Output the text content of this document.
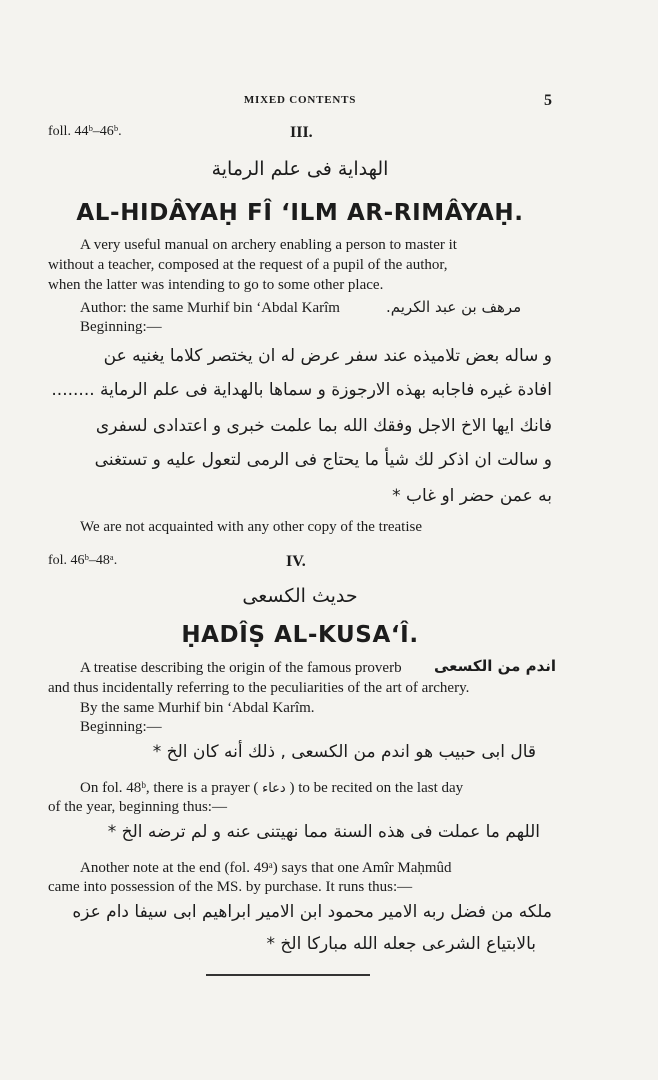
MIXED CONTENTS	5
foll. 44ᵇ–46ᵇ.	III.
الهداية فى علم الرماية
AL-HIDÂYAḤ FÎ ‘ILM AR-RIMÂYAḤ.
A very useful manual on archery enabling a person to master it
without a teacher, composed at the request of a pupil of the author,
when the latter was intending to go to some other place.
Author: the same Murhif bin ‘Abdal Karîm	مرهف بن عبد الكريم.
Beginning:—
و ساله بعض تلاميذه عند سفر عرض له ان يختصر كلاما يغنيه عن
افادة غيره فاجابه بهذه الارجوزة و سماها بالهداية فى علم الرماية ........
فانك ايها الاخ الاجل وفقك الله بما علمت خبرى و اعتدادى لسفرى
و سالت ان اذكر لك شيأ ما يحتاج فى الرمى لتعول عليه و تستغنى
به عمن حضر او غاب *
We are not acquainted with any other copy of the treatise
fol. 46ᵇ–48ᵃ.	IV.
حديث الكسعى
ḤADÎṢ AL-KUSA‘Î.
A treatise describing the origin of the famous proverb اندم من الكسعى
and thus incidentally referring to the peculiarities of the art of archery.
By the same Murhif bin ‘Abdal Karîm.
Beginning:—
قال ابى حبيب هو اندم من الكسعى , ذلك أنه كان الخ *
On fol. 48ᵇ, there is a prayer ( دعاء ) to be recited on the last day
of the year, beginning thus:—
اللهم ما عملت فى هذه السنة مما نهيتنى عنه و لم ترضه الخ *
Another note at the end (fol. 49ᵃ) says that one Amîr Maḥmûd
came into possession of the MS. by purchase. It runs thus:—
ملكه من فضل ربه الامير محمود ابن الامير ابراهيم ابى سيفا دام عزه
بالابتياع الشرعى جعله الله مباركا الخ *
